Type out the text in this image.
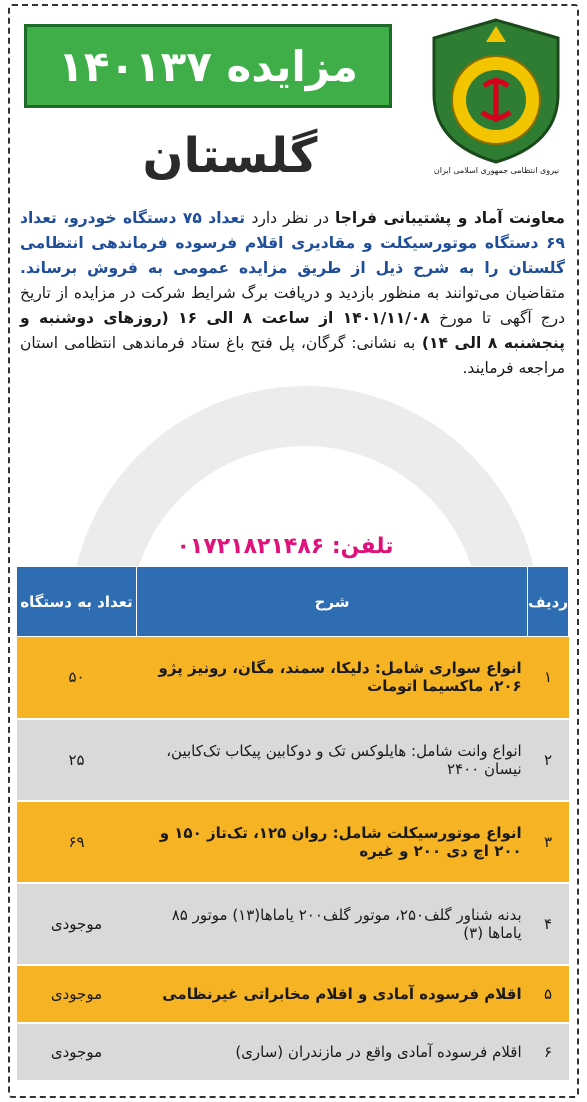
نیروی انتظامی جمهوری اسلامی ایران
مزایده ۱۴۰۱۳۷
گلستان
معاونت آماد و پشتیبانی فراجا در نظر دارد تعداد ۷۵ دستگاه خودرو، تعداد ۶۹ دستگاه موتورسیکلت و مقادیری اقلام فرسوده فرماندهی انتظامی گلستان را به شرح ذیل از طریق مزایده عمومی به فروش برساند. متقاضیان می‌توانند به منظور بازدید و دریافت برگ شرایط شرکت در مزایده از تاریخ درج آگهی تا مورخ ۱۴۰۱/۱۱/۰۸ از ساعت ۸ الی ۱۶ (روزهای دوشنبه و پنجشنبه ۸ الی ۱۴) به نشانی: گرگان، پل فتح باغ ستاد فرماندهی انتظامی استان مراجعه فرمایند.
تلفن: ۰۱۷۲۱۸۲۱۴۸۶
ردیف	شرح	تعداد به دستگاه
۱	انواع سواری شامل: دلیکا، سمند، مگان، رونیز پژو ۲۰۶، ماکسیما اتومات	۵۰
۲	انواع وانت شامل: هایلوکس تک و دوکابین پیکاب تک‌کابین، نیسان ۲۴۰۰	۲۵
۳	انواع موتورسیکلت شامل: روان ۱۲۵، تک‌تاز ۱۵۰ و ۲۰۰ اچ دی ۲۰۰ و غیره	۶۹
۴	بدنه شناور گلف۲۵۰، موتور گلف۲۰۰ یاماها(۱۳) موتور ۸۵ یاماها (۳)	موجودی
۵	اقلام فرسوده آمادی و اقلام مخابراتی غیرنظامی	موجودی
۶	اقلام فرسوده آمادی واقع در مازندران (ساری)	موجودی
